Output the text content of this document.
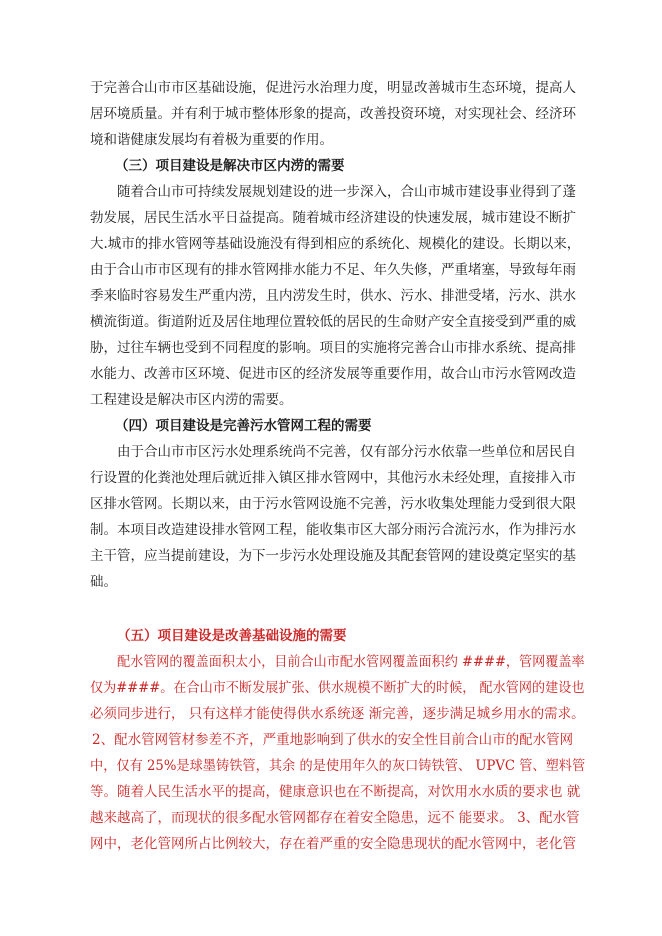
于完善合山市市区基础设施，促进污水治理力度，明显改善城市生态环境，提高人
居环境质量。并有利于城市整体形象的提高，改善投资环境，对实现社会、经济环
境和谐健康发展均有着极为重要的作用。
（三）项目建设是解决市区内涝的需要
随着合山市可持续发展规划建设的进一步深入，合山市城市建设事业得到了蓬
勃发展，居民生活水平日益提高。随着城市经济建设的快速发展，城市建设不断扩
大.城市的排水管网等基础设施没有得到相应的系统化、规模化的建设。长期以来，
由于合山市市区现有的排水管网排水能力不足、年久失修，严重堵塞，导致每年雨
季来临时容易发生严重内涝，且内涝发生时，供水、污水、排泄受堵，污水、洪水
横流街道。街道附近及居住地理位置较低的居民的生命财产安全直接受到严重的威
胁，过往车辆也受到不同程度的影响。项目的实施将完善合山市排水系统、提高排
水能力、改善市区环境、促进市区的经济发展等重要作用，故合山市污水管网改造
工程建设是解决市区内涝的需要。
（四）项目建设是完善污水管网工程的需要
由于合山市市区污水处理系统尚不完善，仅有部分污水依靠一些单位和居民自
行设置的化粪池处理后就近排入镇区排水管网中，其他污水未经处理，直接排入市
区排水管网。长期以来，由于污水管网设施不完善，污水收集处理能力受到很大限
制。本项目改造建设排水管网工程，能收集市区大部分雨污合流污水，作为排污水
主干管，应当提前建设，为下一步污水处理设施及其配套管网的建设奠定坚实的基
础。
（五）项目建设是改善基础设施的需要
配水管网的覆盖面积太小，目前合山市配水管网覆盖面积约 ####，管网覆盖率
仅为####。在合山市不断发展扩张、供水规模不断扩大的时候， 配水管网的建设也
必须同步进行， 只有这样才能使得供水系统逐 渐完善，逐步满足城乡用水的需求。
2、配水管网管材参差不齐，严重地影响到了供水的安全性目前合山市的配水管网
中，仅有 25%是球墨铸铁管，其余 的是使用年久的灰口铸铁管、 UPVC 管、塑料管
等。随着人民生活水平的提高，健康意识也在不断提高，对饮用水水质的要求也 就
越来越高了，而现状的很多配水管网都存在着安全隐患，远不 能要求。 3、配水管
网中，老化管网所占比例较大，存在着严重的安全隐患现状的配水管网中，老化管
